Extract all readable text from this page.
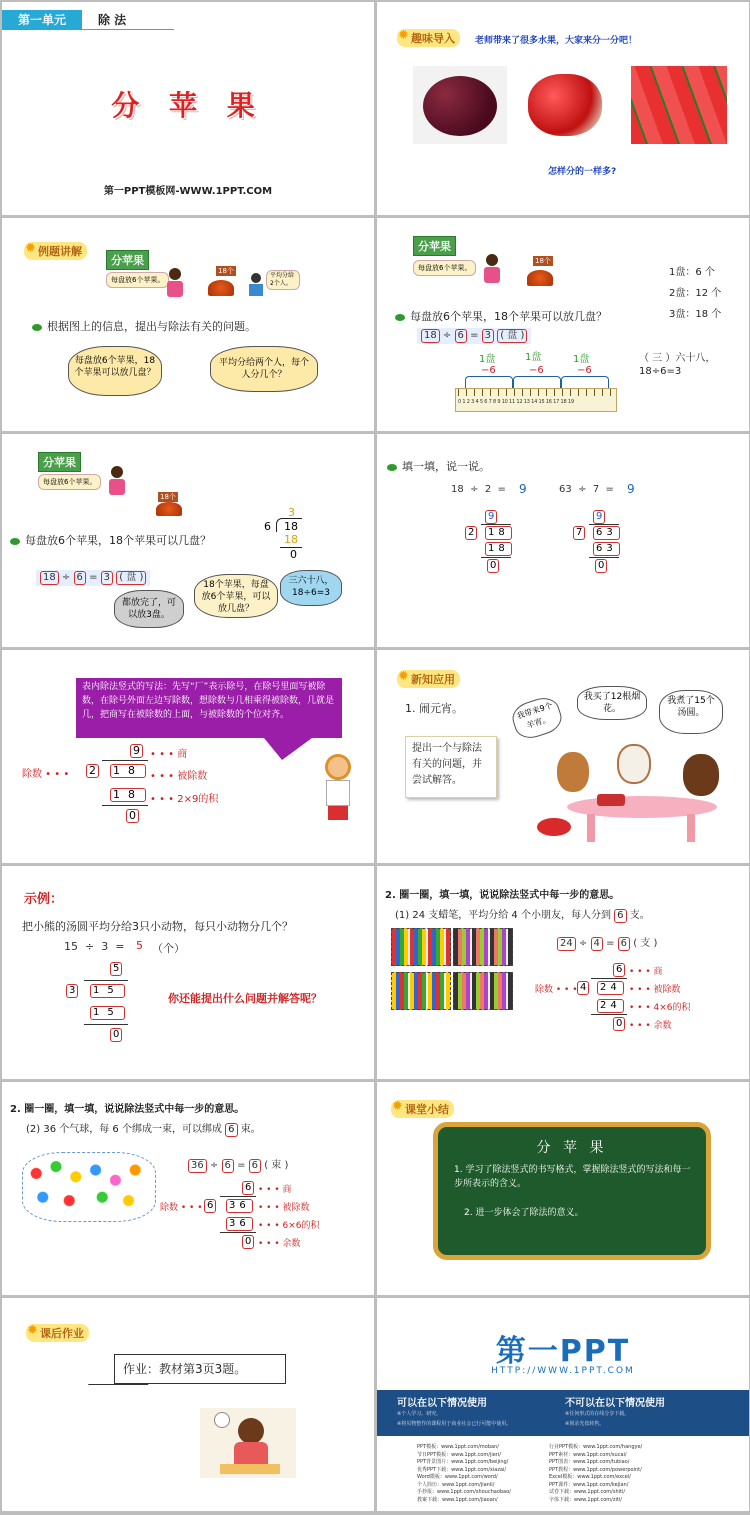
第一单元	除 法
分 苹 果
第一PPT模板网-WWW.1PPT.COM
✹ 趣味导入	老师带来了很多水果，大家来分一分吧！
怎样分的一样多?
✹ 例题讲解
分苹果
每盘放6个苹果。
18个
平均分给2个人。
根据图上的信息，提出与除法有关的问题。
每盘放6个苹果，18个苹果可以放几盘？
平均分给两个人，每个人分几个？
分苹果
每盘放6个苹果。
18个
1盘：6 个
2盘：12 个
3盘：18 个
每盘放6个苹果，18个苹果可以放几盘？
18 ÷ 6 = 3 ( 盘 )
1盘	1盘	1盘
−6	−6	−6
0 1 2 3 4 5 6 7 8 9 10 11 12 13 14 15 16 17 18 19
（ 三 ）六十八，
18÷6=3
分苹果
每盘放6个苹果。
18个
3
6 18
18
0
每盘放6个苹果，18个苹果可以几盘？
18 ÷ 6 = 3 ( 盘 )
都放完了，可以放3盘。
18个苹果，每盘放6个苹果，可以放几盘？
三六十八，18÷6=3
填一填，说一说。
18  ÷  2  = 9	63  ÷  7  = 9
9
2	18
18
0
9
7	63
63
0
表内除法竖式的写法：先写“厂”表示除号，在除号里面写被除数，在除号外面左边写除数，想除数与几相乘得被除数，几就是几，把商写在被除数的上面，与被除数的个位对齐。
9	• • • 商
除数 • • • 2 18 • • • 被除数
18 • • • 2×9的积
0
✹ 新知应用
1. 闹元宵。
提出一个与除法有关的问题，并尝试解答。
我带来9个羊宵。
我买了12根烟花。
我煮了15个汤圆。
示例：
把小熊的汤圆平均分给3只小动物，每只小动物分几个？
15  ÷  3  = 5 （个）
5
3	15
15
0
你还能提出什么问题并解答呢？
2. 圈一圈，填一填，说说除法竖式中每一步的意思。
(1) 24 支蜡笔，平均分给 4 个小朋友，每人分到 6 支。
24 ÷ 4 = 6 ( 支 )
6 • • • 商
除数 • • • 4	24 • • • 被除数
24 • • • 4×6的积
0 • • • 余数
2. 圈一圈，填一填，说说除法竖式中每一步的意思。
(2) 36 个气球，每 6 个绑成一束，可以绑成 6 束。
36 ÷ 6 = 6 ( 束 )
6 • • • 商
除数 • • • 6	36 • • • 被除数
36 • • • 6×6的积
0 • • • 余数
✹ 课堂小结
分 苹 果
1. 学习了除法竖式的书写格式，掌握除法竖式的写法和每一步所表示的含义。
2. 进一步体会了除法的意义。
✹ 课后作业
作业：教材第3页3题。	第一PPT
HTTP://WWW.1PPT.COM
可以在以下情况使用
※个人学习、研究。
※将贝物整作的课程用于商业社会已行可能中使用。
不可以在以下情况使用
※任何形式的在线分享下载。
※刻录光盘转售。
PPT模板：www.1ppt.com/moban/
节日PPT模板：www.1ppt.com/jieri/
PPT背景图片：www.1ppt.com/beijing/
优秀PPT下载：www.1ppt.com/xiazai/
Word模板：www.1ppt.com/word/
个人简历：www.1ppt.com/jianli/
手抄报：www.1ppt.com/shouchaobao/
教案下载：www.1ppt.com/jiaoan/
行业PPT模板：www.1ppt.com/hangye/
PPT素材：www.1ppt.com/sucai/
PPT图表：www.1ppt.com/tubiao/
PPT教程：www.1ppt.com/powerpoint/
Excel模板：www.1ppt.com/excel/
PPT课件：www.1ppt.com/kejian/
试卷下载：www.1ppt.com/shiti/
字体下载：www.1ppt.com/ziti/
